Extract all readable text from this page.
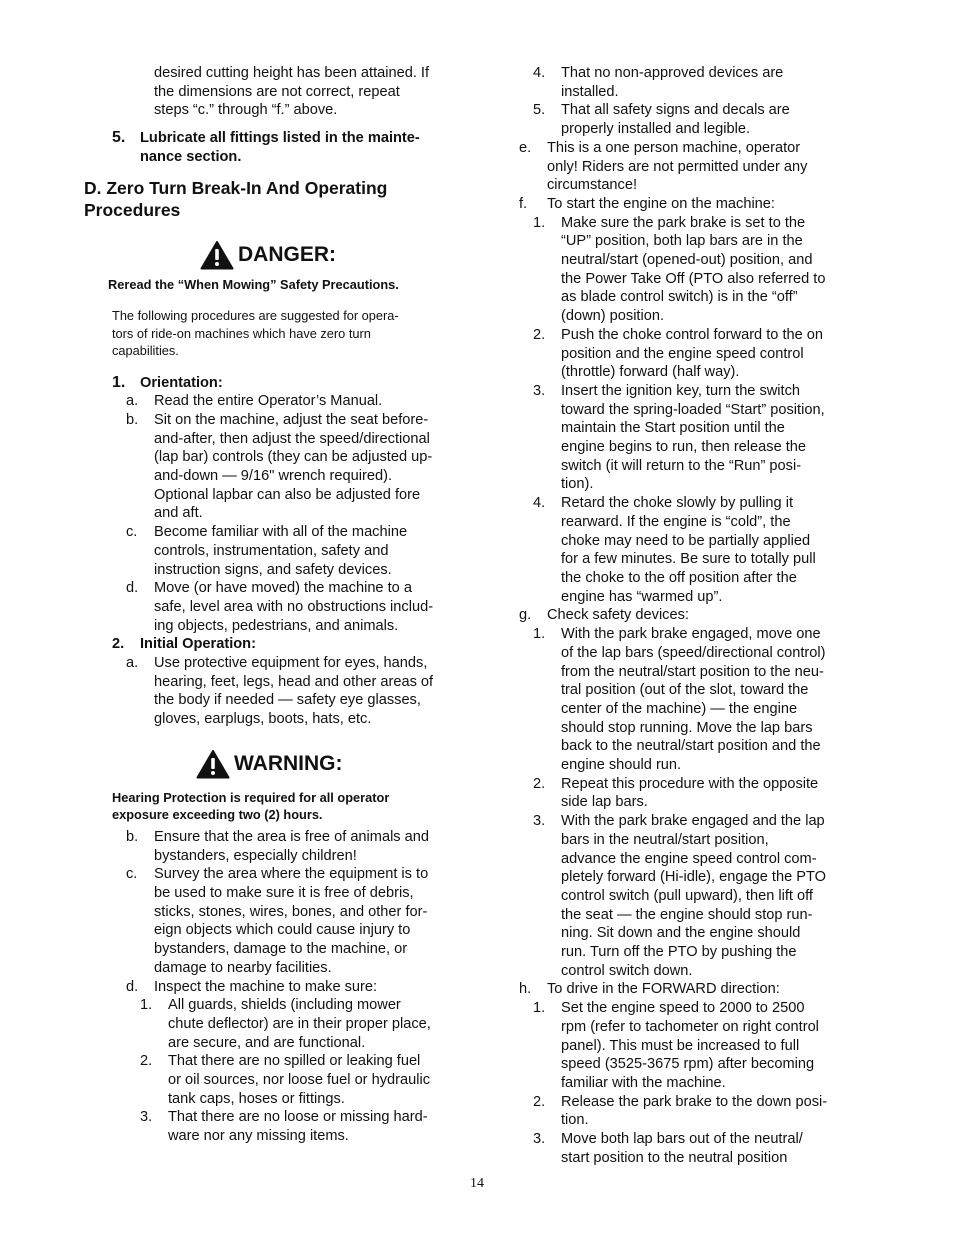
desired cutting height has been attained. If
the dimensions are not correct, repeat
steps “c.” through “f.” above.
5.	Lubricate all fittings listed in the mainte-
nance section.
D. Zero Turn Break-In And Operating
Procedures
DANGER:
Reread the “When Mowing” Safety Precautions.
The following procedures are suggested for opera-
tors of ride-on machines which have zero turn
capabilities.
1.	Orientation:
a.	Read the entire Operator’s Manual.
b.	Sit on the machine, adjust the seat before-
and-after, then adjust the speed/directional
(lap bar) controls (they can be adjusted up-
and-down — 9/16" wrench required).
Optional lapbar can also be adjusted fore
and aft.
c.	Become familiar with all of the machine
controls, instrumentation, safety and
instruction signs, and safety devices.
d.	Move (or have moved) the machine to a
safe, level area with no obstructions includ-
ing objects, pedestrians, and animals.
2.	Initial Operation:
a.	Use protective equipment for eyes, hands,
hearing, feet, legs, head and other areas of
the body if needed — safety eye glasses,
gloves, earplugs, boots, hats, etc.
WARNING:
Hearing Protection is required for all operator
exposure exceeding two (2) hours.
b.	Ensure that the area is free of animals and
bystanders, especially children!
c.	Survey the area where the equipment is to
be used to make sure it is free of debris,
sticks, stones, wires, bones, and other for-
eign objects which could cause injury to
bystanders, damage to the machine, or
damage to nearby facilities.
d.	Inspect the machine to make sure:
1.	All guards, shields (including mower
chute deflector) are in their proper place,
are secure, and are functional.
2.	That there are no spilled or leaking fuel
or oil sources, nor loose fuel or hydraulic
tank caps, hoses or fittings.
3.	That there are no loose or missing hard-
ware nor any missing items.
4.	That no non-approved devices are
installed.
5.	That all safety signs and decals are
properly installed and legible.
e.	This is a one person machine, operator
only! Riders are not permitted under any
circumstance!
f.	To start the engine on the machine:
1.	Make sure the park brake is set to the
“UP” position, both lap bars are in the
neutral/start (opened-out) position, and
the Power Take Off (PTO also referred to
as blade control switch) is in the “off”
(down) position.
2.	Push the choke control forward to the on
position and the engine speed control
(throttle) forward (half way).
3.	Insert the ignition key, turn the switch
toward the spring-loaded “Start” position,
maintain the Start position until the
engine begins to run, then release the
switch (it will return to the “Run” posi-
tion).
4.	Retard the choke slowly by pulling it
rearward. If the engine is “cold”, the
choke may need to be partially applied
for a few minutes. Be sure to totally pull
the choke to the off position after the
engine has “warmed up”.
g.	Check safety devices:
1.	With the park brake engaged, move one
of the lap bars (speed/directional control)
from the neutral/start position to the neu-
tral position (out of the slot, toward the
center of the machine) — the engine
should stop running. Move the lap bars
back to the neutral/start position and the
engine should run.
2.	Repeat this procedure with the opposite
side lap bars.
3.	With the park brake engaged and the lap
bars in the neutral/start position,
advance the engine speed control com-
pletely forward (Hi-idle), engage the PTO
control switch (pull upward), then lift off
the seat — the engine should stop run-
ning. Sit down and the engine should
run. Turn off the PTO by pushing the
control switch down.
h.	To drive in the FORWARD direction:
1.	Set the engine speed to 2000 to 2500
rpm (refer to tachometer on right control
panel). This must be increased to full
speed (3525-3675 rpm) after becoming
familiar with the machine.
2.	Release the park brake to the down posi-
tion.
3.	Move both lap bars out of the neutral/
start position to the neutral position
14
